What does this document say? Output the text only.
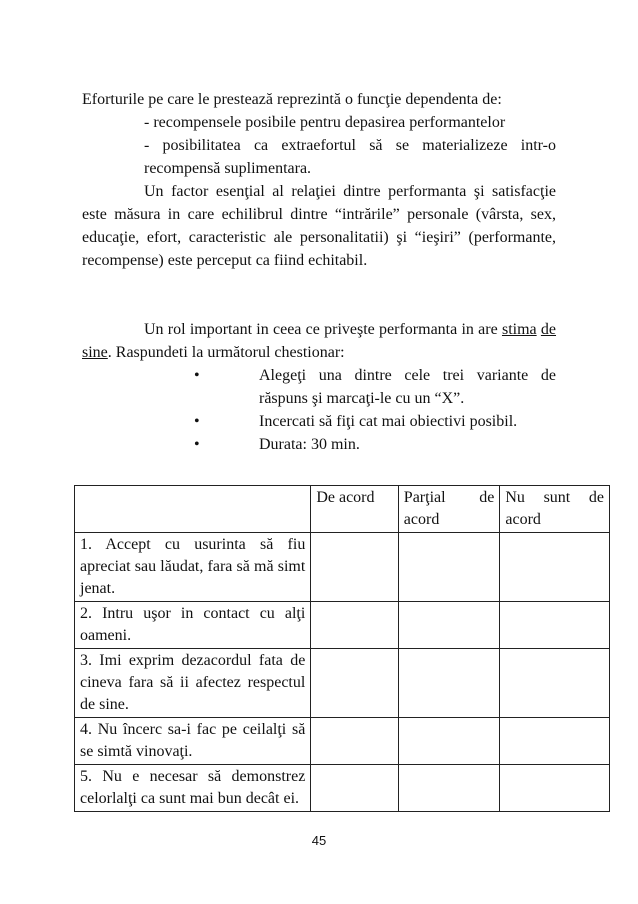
Eforturile pe care le prestează reprezintă o funcţie dependenta de:

- recompensele posibile pentru depasirea performantelor

- posibilitatea ca extraefortul să se materializeze intr-o recompensă suplimentara.

Un factor esenţial al relaţiei dintre performanta şi satisfacţie este măsura in care echilibrul dintre “intrările” personale (vârsta, sex, educaţie, efort, caracteristic ale personalitatii) şi “ieşiri” (performante, recompense) este perceput ca fiind echitabil.

Un rol important in ceea ce priveşte performanta in are stima de sine. Raspundeti la următorul chestionar:

•	Alegeţi una dintre cele trei variante de răspuns şi marcaţi-le cu un “X”.
•	Incercati să fiţi cat mai obiectivi posibil.
•	Durata: 30 min.
	De acord	Parţial de acord	Nu sunt de acord
1. Accept cu usurinta să fiu apreciat sau lăudat, fara să mă simt jenat.			
2. Intru uşor in contact cu alţi oameni.			
3. Imi exprim dezacordul fata de cineva fara să ii afectez respectul de sine.			
4. Nu încerc sa-i fac pe ceilalţi să se simtă vinovaţi.			
5. Nu e necesar să demonstrez celorlalţi ca sunt mai bun decât ei.			
45
